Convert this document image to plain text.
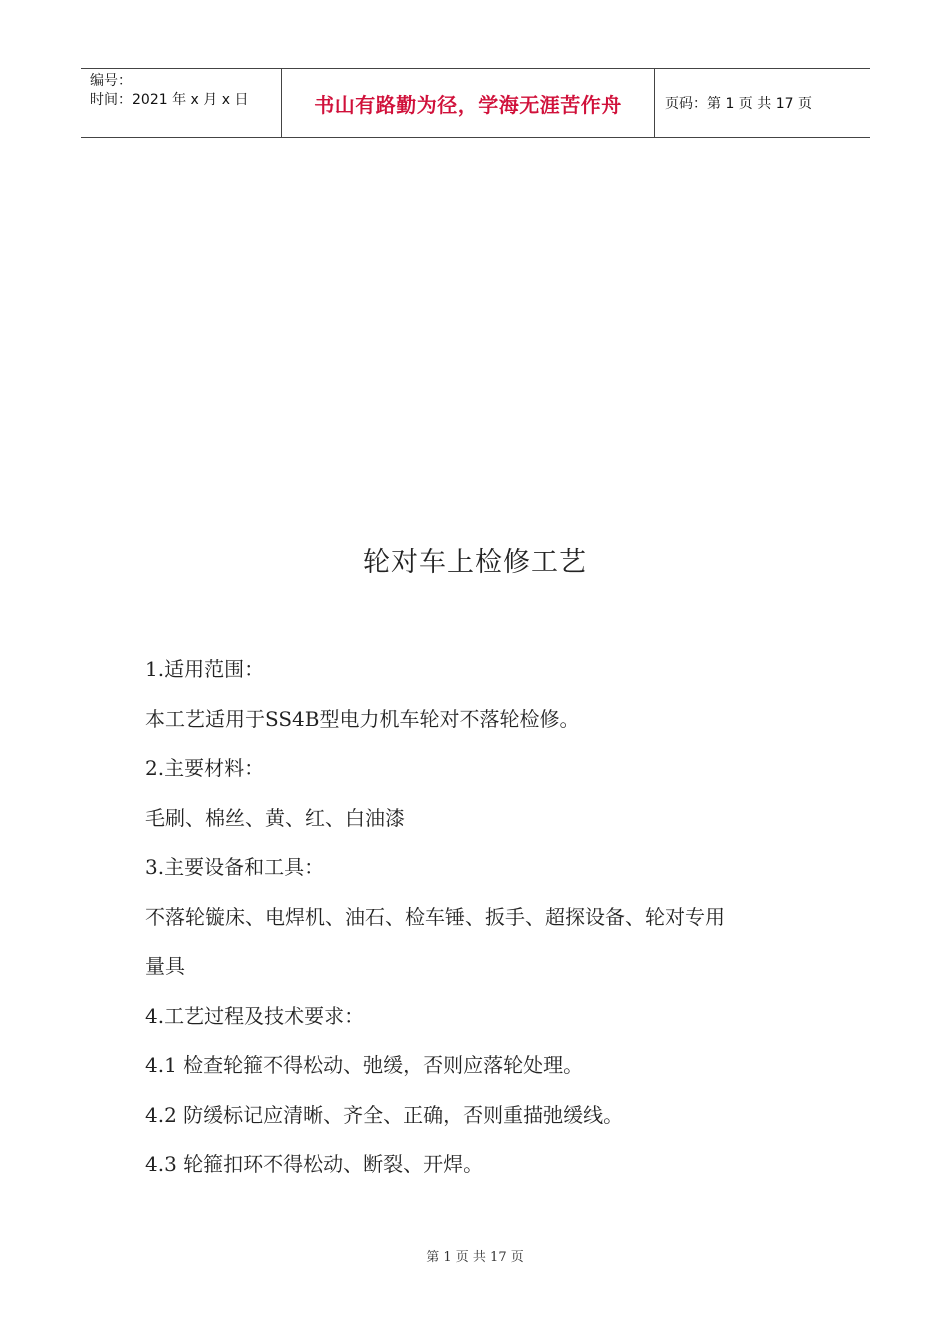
编号：
时间：2021 年 x 月 x 日	书山有路勤为径，学海无涯苦作舟	页码：第 1 页 共 17 页
轮对车上检修工艺

1.适用范围：

本工艺适用于SS4B型电力机车轮对不落轮检修。

2.主要材料：

毛刷、棉丝、黄、红、白油漆

3.主要设备和工具：

不落轮镟床、电焊机、油石、检车锤、扳手、超探设备、轮对专用

量具

4.工艺过程及技术要求：

4.1 检查轮箍不得松动、弛缓，否则应落轮处理。

4.2 防缓标记应清晰、齐全、正确，否则重描弛缓线。

4.3 轮箍扣环不得松动、断裂、开焊。

第 1 页 共 17 页
